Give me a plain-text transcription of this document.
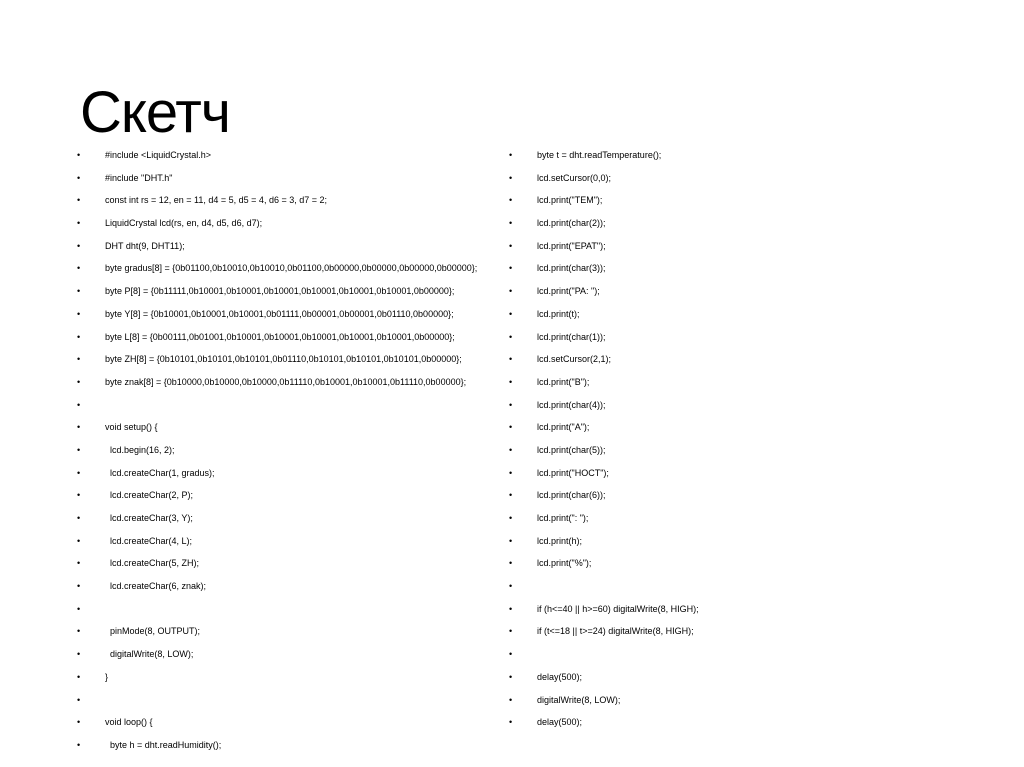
Скетч
•	#include <LiquidCrystal.h>
•	#include "DHT.h"
•	const int rs = 12, en = 11, d4 = 5, d5 = 4, d6 = 3, d7 = 2;
•	LiquidCrystal lcd(rs, en, d4, d5, d6, d7);
•	DHT dht(9, DHT11);
•	byte gradus[8] = {0b01100,0b10010,0b10010,0b01100,0b00000,0b00000,0b00000,0b00000};
•	byte P[8] = {0b11111,0b10001,0b10001,0b10001,0b10001,0b10001,0b10001,0b00000};
•	byte Y[8] = {0b10001,0b10001,0b10001,0b01111,0b00001,0b00001,0b01110,0b00000};
•	byte L[8] = {0b00111,0b01001,0b10001,0b10001,0b10001,0b10001,0b10001,0b00000};
•	byte ZH[8] = {0b10101,0b10101,0b10101,0b01110,0b10101,0b10101,0b10101,0b00000};
•	byte znak[8] = {0b10000,0b10000,0b10000,0b11110,0b10001,0b10001,0b11110,0b00000};
•
•	void setup() {
•	lcd.begin(16, 2);
•	lcd.createChar(1, gradus);
•	lcd.createChar(2, P);
•	lcd.createChar(3, Y);
•	lcd.createChar(4, L);
•	lcd.createChar(5, ZH);
•	lcd.createChar(6, znak);
•
•	pinMode(8, OUTPUT);
•	digitalWrite(8, LOW);
•	}
•
•	void loop() {
•	byte h = dht.readHumidity();
•	byte t = dht.readTemperature();
•	lcd.setCursor(0,0);
•	lcd.print("TEM");
•	lcd.print(char(2));
•	lcd.print("EPAT");
•	lcd.print(char(3));
•	lcd.print("PA: ");
•	lcd.print(t);
•	lcd.print(char(1));
•	lcd.setCursor(2,1);
•	lcd.print("B");
•	lcd.print(char(4));
•	lcd.print("A");
•	lcd.print(char(5));
•	lcd.print("HOCT");
•	lcd.print(char(6));
•	lcd.print(": ");
•	lcd.print(h);
•	lcd.print("%");
•
•	if (h<=40 || h>=60) digitalWrite(8, HIGH);
•	if (t<=18 || t>=24) digitalWrite(8, HIGH);
•
•	delay(500);
•	digitalWrite(8, LOW);
•	delay(500);
